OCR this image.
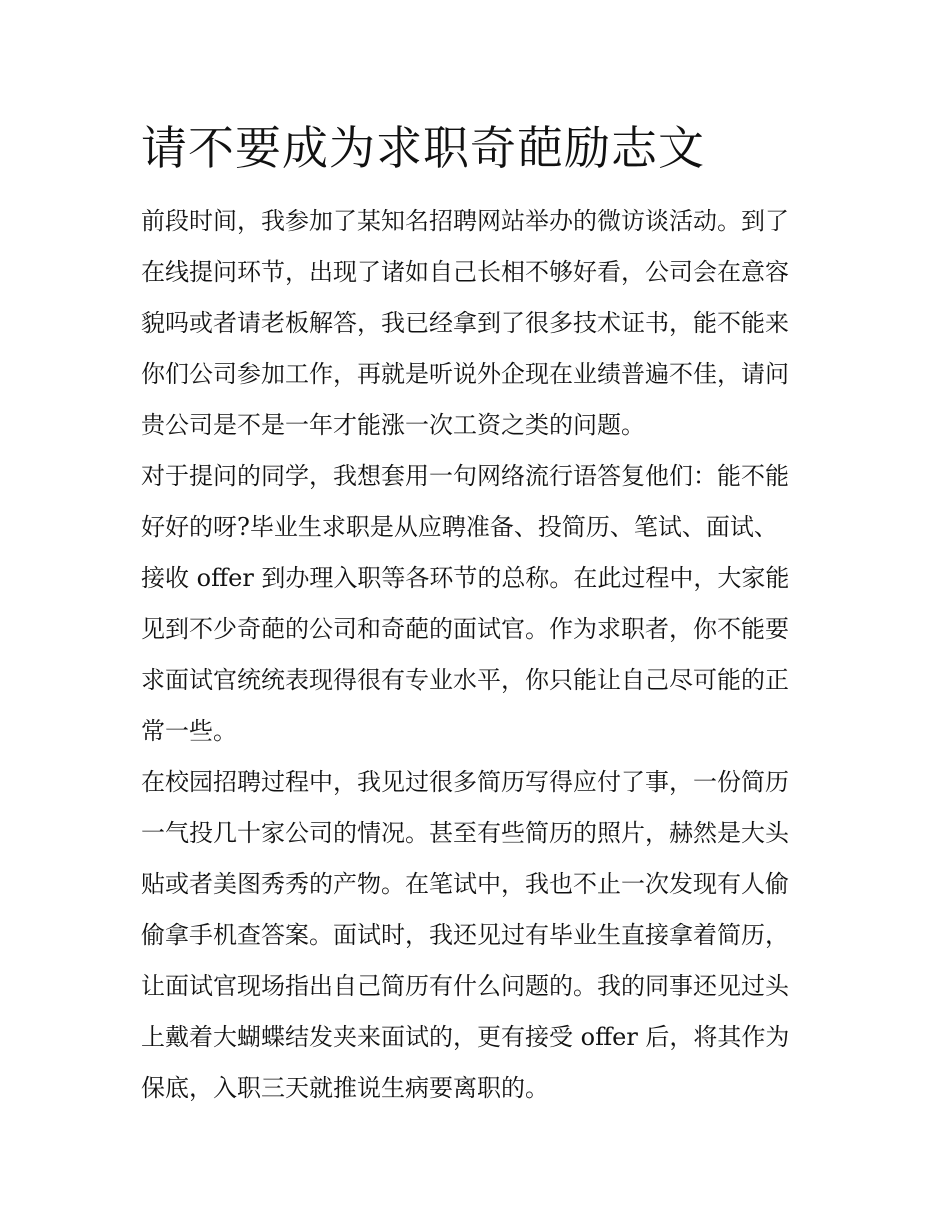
请不要成为求职奇葩励志文
前段时间，我参加了某知名招聘网站举办的微访谈活动。到了
在线提问环节，出现了诸如自己长相不够好看，公司会在意容
貌吗或者请老板解答，我已经拿到了很多技术证书，能不能来
你们公司参加工作，再就是听说外企现在业绩普遍不佳，请问
贵公司是不是一年才能涨一次工资之类的问题。
对于提问的同学，我想套用一句网络流行语答复他们：能不能
好好的呀?毕业生求职是从应聘准备、投简历、笔试、面试、
接收 offer 到办理入职等各环节的总称。在此过程中，大家能
见到不少奇葩的公司和奇葩的面试官。作为求职者，你不能要
求面试官统统表现得很有专业水平，你只能让自己尽可能的正
常一些。
在校园招聘过程中，我见过很多简历写得应付了事，一份简历
一气投几十家公司的情况。甚至有些简历的照片，赫然是大头
贴或者美图秀秀的产物。在笔试中，我也不止一次发现有人偷
偷拿手机查答案。面试时，我还见过有毕业生直接拿着简历，
让面试官现场指出自己简历有什么问题的。我的同事还见过头
上戴着大蝴蝶结发夹来面试的，更有接受 offer 后，将其作为
保底，入职三天就推说生病要离职的。
